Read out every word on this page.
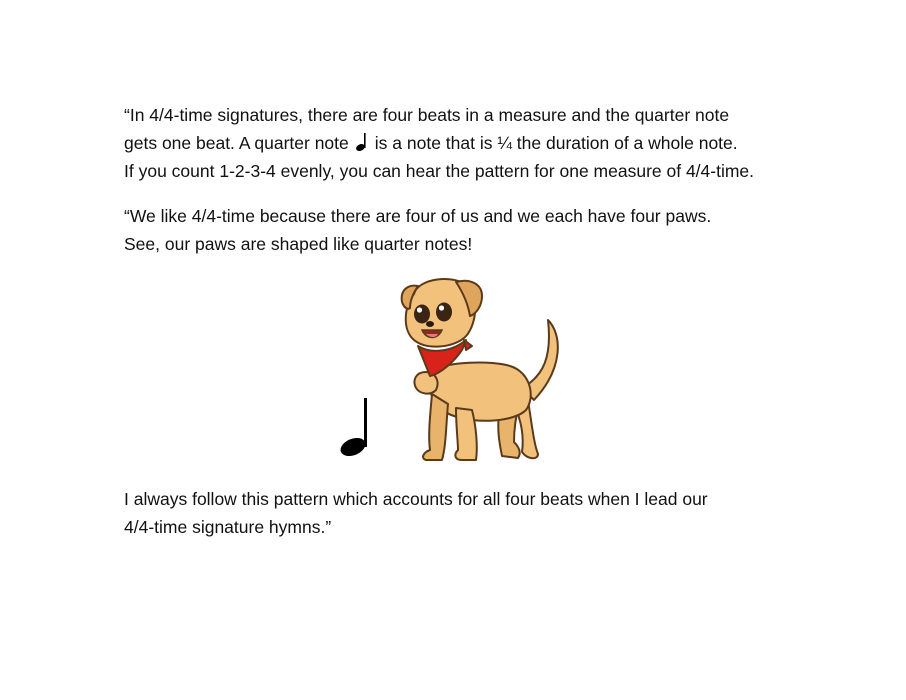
“In 4/4-time signatures, there are four beats in a measure and the quarter note
gets one beat. A quarter note is a note that is ¼ the duration of a whole note.
If you count 1-2-3-4 evenly, you can hear the pattern for one measure of 4/4-time.

“We like 4/4-time because there are four of us and we each have four paws.
See, our paws are shaped like quarter notes!

I always follow this pattern which accounts for all four beats when I lead our
4/4-time signature hymns.”
